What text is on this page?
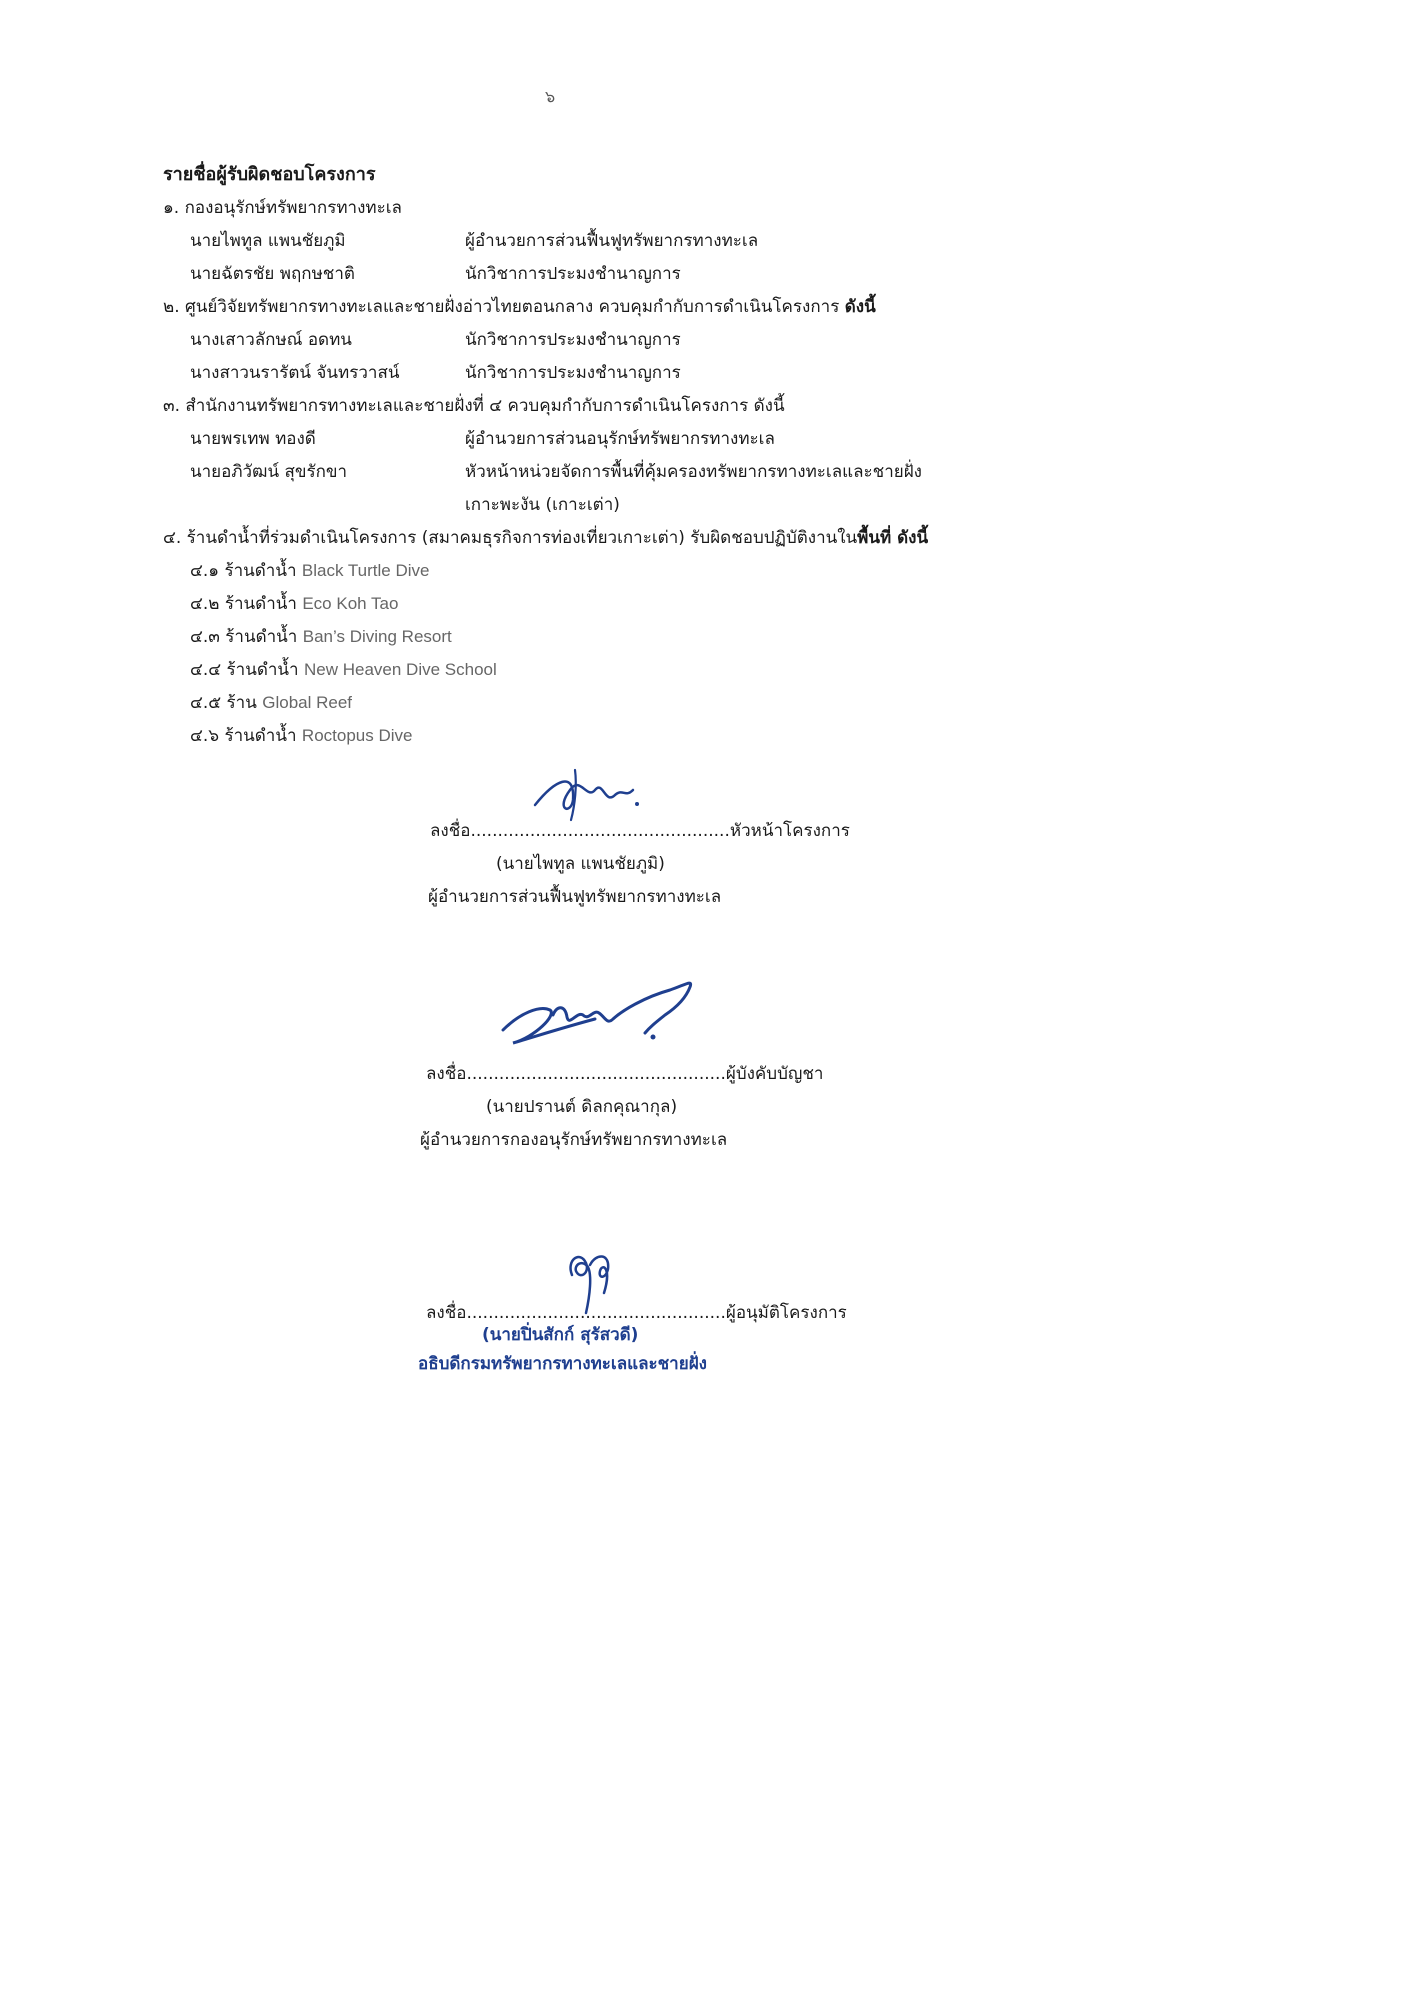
๖
รายชื่อผู้รับผิดชอบโครงการ
๑. กองอนุรักษ์ทรัพยากรทางทะเล
นายไพทูล แพนชัยภูมิ	ผู้อำนวยการส่วนฟื้นฟูทรัพยากรทางทะเล
นายฉัตรชัย พฤกษชาติ	นักวิชาการประมงชำนาญการ
๒. ศูนย์วิจัยทรัพยากรทางทะเลและชายฝั่งอ่าวไทยตอนกลาง ควบคุมกำกับการดำเนินโครงการ ดังนี้
นางเสาวลักษณ์ อดทน	นักวิชาการประมงชำนาญการ
นางสาวนรารัตน์ จันทรวาสน์	นักวิชาการประมงชำนาญการ
๓. สำนักงานทรัพยากรทางทะเลและชายฝั่งที่ ๔ ควบคุมกำกับการดำเนินโครงการ ดังนี้
นายพรเทพ ทองดี	ผู้อำนวยการส่วนอนุรักษ์ทรัพยากรทางทะเล
นายอภิวัฒน์ สุขรักขา	หัวหน้าหน่วยจัดการพื้นที่คุ้มครองทรัพยากรทางทะเลและชายฝั่ง
เกาะพะงัน (เกาะเต่า)
๔. ร้านดำน้ำที่ร่วมดำเนินโครงการ (สมาคมธุรกิจการท่องเที่ยวเกาะเต่า) รับผิดชอบปฏิบัติงานในพื้นที่ ดังนี้
๔.๑ ร้านดำน้ำ Black Turtle Dive
๔.๒ ร้านดำน้ำ Eco Koh Tao
๔.๓ ร้านดำน้ำ Ban’s Diving Resort
๔.๔ ร้านดำน้ำ New Heaven Dive School
๔.๕ ร้าน Global Reef
๔.๖ ร้านดำน้ำ Roctopus Dive
ลงชื่อ................................................หัวหน้าโครงการ
(นายไพทูล แพนชัยภูมิ)
ผู้อำนวยการส่วนฟื้นฟูทรัพยากรทางทะเล
ลงชื่อ................................................ผู้บังคับบัญชา
(นายปรานต์ ดิลกคุณากุล)
ผู้อำนวยการกองอนุรักษ์ทรัพยากรทางทะเล
ลงชื่อ................................................ผู้อนุมัติโครงการ
(นายปิ่นสักก์ สุรัสวดี)
อธิบดีกรมทรัพยากรทางทะเลและชายฝั่ง
